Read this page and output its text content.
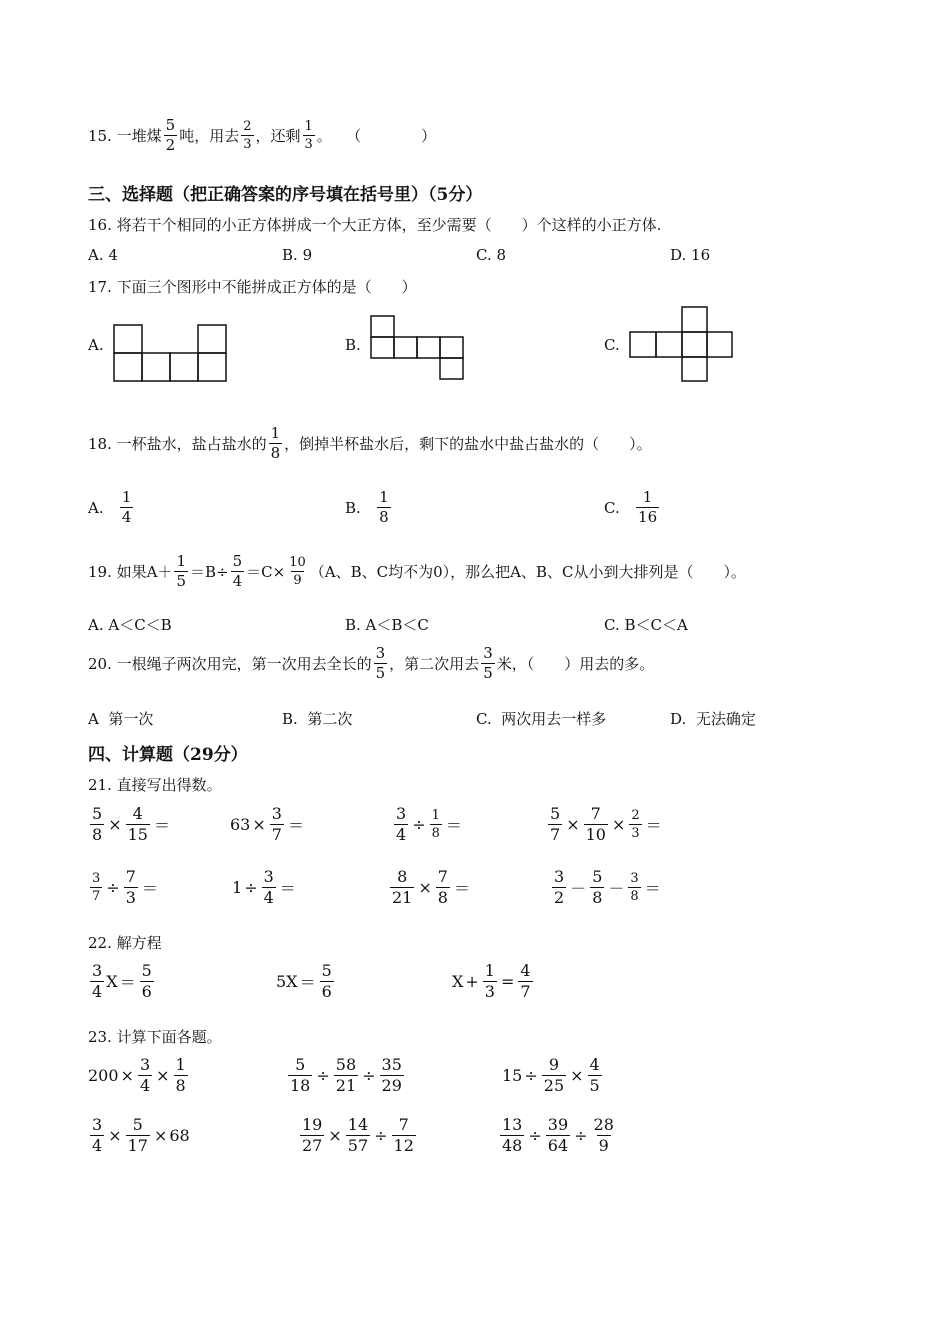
15.
一堆煤 $\frac{5}{2}$ 吨，用去 $\frac{2}{3}$ ，还剩 $\frac{1}{3}$ 。
（　　　　）
三、选择题（把正确答案的序号填在括号里）（5分）
16. 将若干个相同的小正方体拼成一个大正方体，至少需要（　　）个这样的小正方体.
A.
4	B.
9	C.
8	D.
16
17. 下面三个图形中不能拼成正方体的是（　　）
A.	B.	C.
18. 一杯盐水，盐占盐水的 $\frac{1}{8}$ ，倒掉半杯盐水后，剩下的盐水中盐占盐水的（　　）。
A.
$\frac{1}{4}$	B.
$\frac{1}{8}$	C.
$\frac{1}{16}$
19. 如果$A+ \frac{1}{5} =B\div \frac{5}{4} =C\times \frac{10}{9} (A$、B、C均不为0），那么把A、B、C从小到大排列是（　　）。
A. A＜C＜B	B. A＜B＜C	C. B＜C＜A
20. 一根绳子两次用完，第一次用去全长的 $\frac{3}{5}$ ，第二次用去 $\frac{3}{5}$ 米，（　　）用去的多。
A
第一次	B.
第二次	C.
两次用去一样多	D.
无法确定
四、计算题（29分）
21. 直接写出得数。
$\frac{5}{8} \times \frac{4}{15}$ ＝	$63 \times \frac{3}{7}$ ＝	$\frac{3}{4} \div \frac{1}{8}$ ＝	$\frac{5}{7} \times \frac{7}{10} \times \frac{2}{3}$ ＝
$\frac{3}{7} \div \frac{7}{3}$ ＝	$1 \div \frac{3}{4}$ ＝	$\frac{8}{21} \times \frac{7}{8}$ ＝	$\frac{3}{2} - \frac{5}{8} - \frac{3}{8}$ ＝
22. 解方程
$\frac{3}{4}$ $X = \frac{5}{6}$	$5X = \frac{5}{6}$	$X + \frac{1}{3} = \frac{4}{7}$
23. 计算下面各题。
$200 \times \frac{3}{4} \times \frac{1}{8}$	$\frac{5}{18} \div \frac{58}{21} \div \frac{35}{29}$	$15 \div \frac{9}{25} \times \frac{4}{5}$
$\frac{3}{4} \times \frac{5}{17} \times 68$	$\frac{19}{27} \times \frac{14}{57} \div \frac{7}{12}$	$\frac{13}{48} \div \frac{39}{64} \div \frac{28}{9}$
